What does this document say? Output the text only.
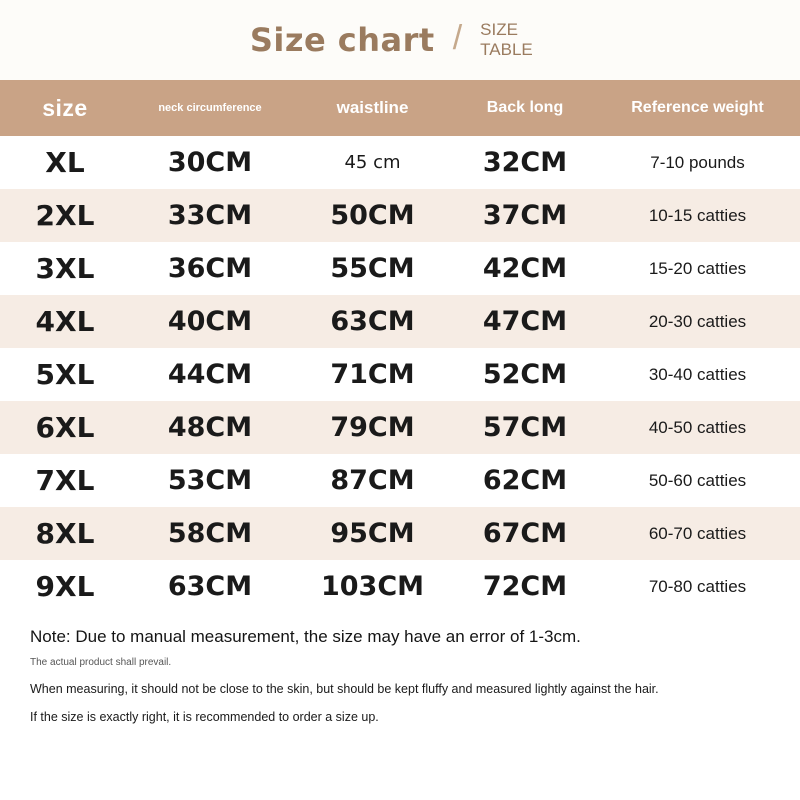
Size chart / SIZE TABLE
size	neck circumference	waistline	Back long	Reference weight
XL	30CM	45 cm	32CM	7-10 pounds
2XL	33CM	50CM	37CM	10-15 catties
3XL	36CM	55CM	42CM	15-20 catties
4XL	40CM	63CM	47CM	20-30 catties
5XL	44CM	71CM	52CM	30-40 catties
6XL	48CM	79CM	57CM	40-50 catties
7XL	53CM	87CM	62CM	50-60 catties
8XL	58CM	95CM	67CM	60-70 catties
9XL	63CM	103CM	72CM	70-80 catties
Note: Due to manual measurement, the size may have an error of 1-3cm.
The actual product shall prevail.
When measuring, it should not be close to the skin, but should be kept fluffy and measured lightly against the hair.
If the size is exactly right, it is recommended to order a size up.
